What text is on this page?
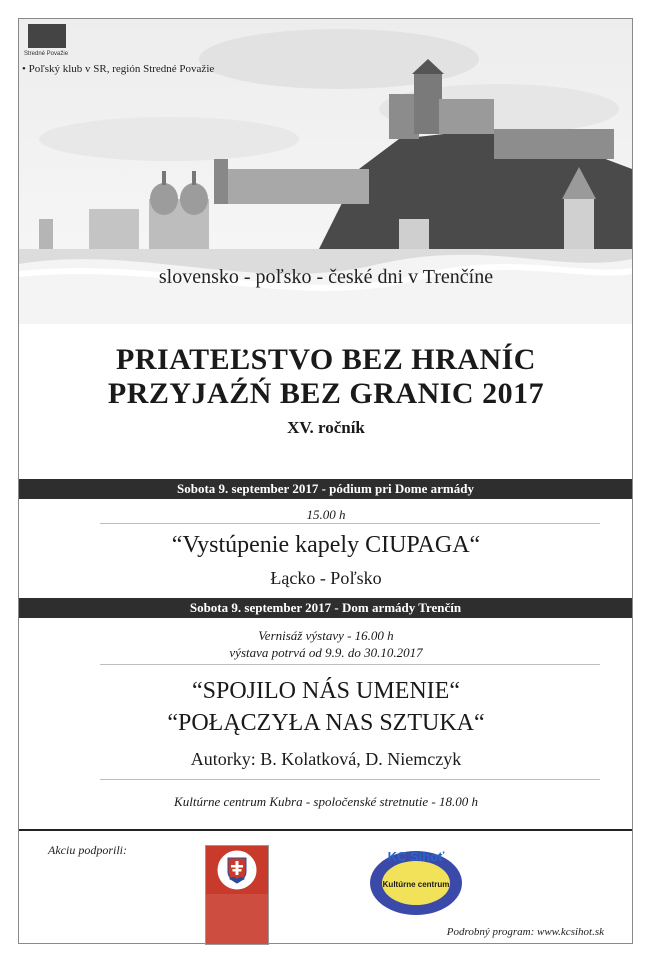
Stredné Považie
• Poľský klub v SR, región Stredné Považie
slovensko - poľsko - české dni v Trenčíne
PRIATEĽSTVO BEZ HRANÍC
PRZYJAŹŃ BEZ GRANIC 2017
XV. ročník
Sobota 9. september 2017 - pódium pri Dome armády
15.00 h
“Vystúpenie kapely CIUPAGA“
Łącko - Poľsko
Sobota 9. september 2017 - Dom armády Trenčín
Vernisáž výstavy - 16.00 h
výstava potrvá od 9.9. do 30.10.2017
“SPOJILO NÁS UMENIE“
“POŁĄCZYŁA NAS SZTUKA“
Autorky: B. Kolatková, D. Niemczyk
Kultúrne centrum Kubra - spoločenské stretnutie - 18.00 h
Akciu podporili:	KC Sihoť
Kultúrne centrum
Podrobný program: www.kcsihot.sk
